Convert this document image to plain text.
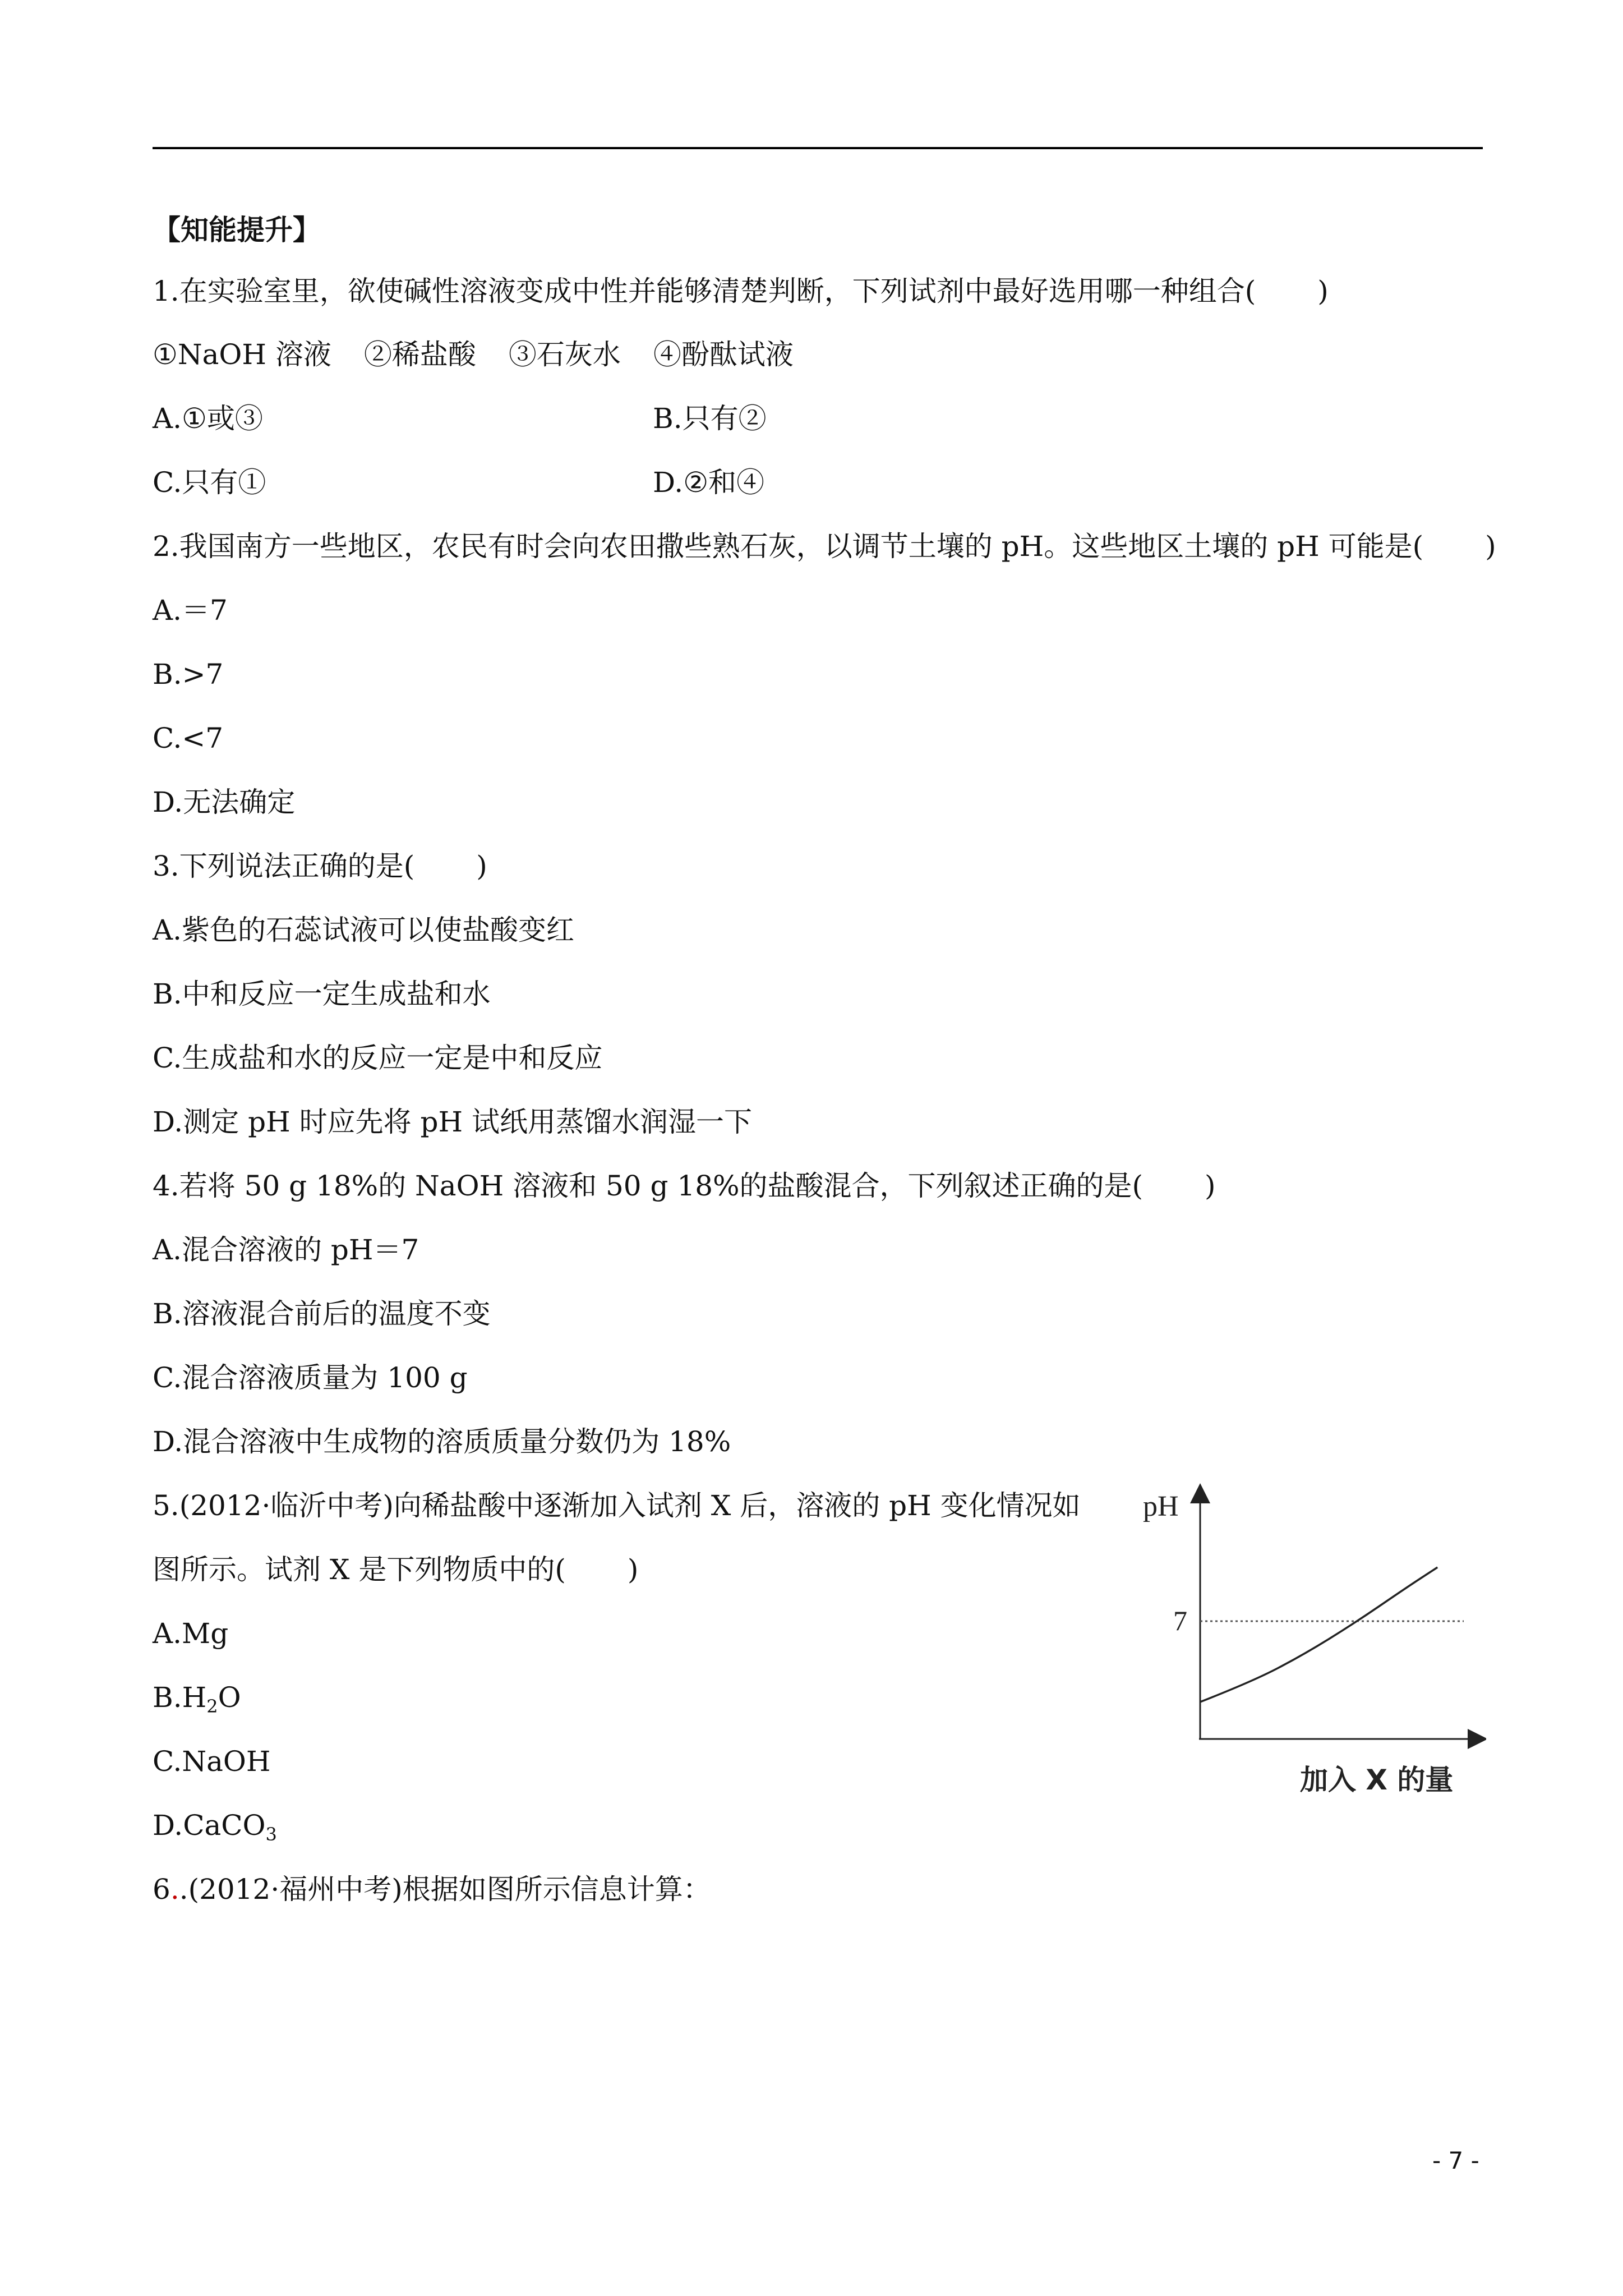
【知能提升】
1.在实验室里，欲使碱性溶液变成中性并能够清楚判断，下列试剂中最好选用哪一种组合( )
①NaOH 溶液 ②稀盐酸 ③石灰水 ④酚酞试液
A.①或③	B.只有②
C.只有①	D.②和④
2.我国南方一些地区，农民有时会向农田撒些熟石灰，以调节土壤的 pH。这些地区土壤的 pH 可能是( )
A.＝7
B.>7
C.<7
D.无法确定
3.下列说法正确的是( )
A.紫色的石蕊试液可以使盐酸变红
B.中和反应一定生成盐和水
C.生成盐和水的反应一定是中和反应
D.测定 pH 时应先将 pH 试纸用蒸馏水润湿一下
4.若将 50 g 18%的 NaOH 溶液和 50 g 18%的盐酸混合，下列叙述正确的是( )
A.混合溶液的 pH＝7
B.溶液混合前后的温度不变
C.混合溶液质量为 100 g
D.混合溶液中生成物的溶质质量分数仍为 18%
5.(2012·临沂中考)向稀盐酸中逐渐加入试剂 X 后，溶液的 pH 变化情况如
图所示。试剂 X 是下列物质中的( )
A.Mg
$B.H_2O$
C.NaOH
D.CaCO$_3$
6..(2012·福州中考)根据如图所示信息计算：
pH
加入 X 的量
7
- 7 -
